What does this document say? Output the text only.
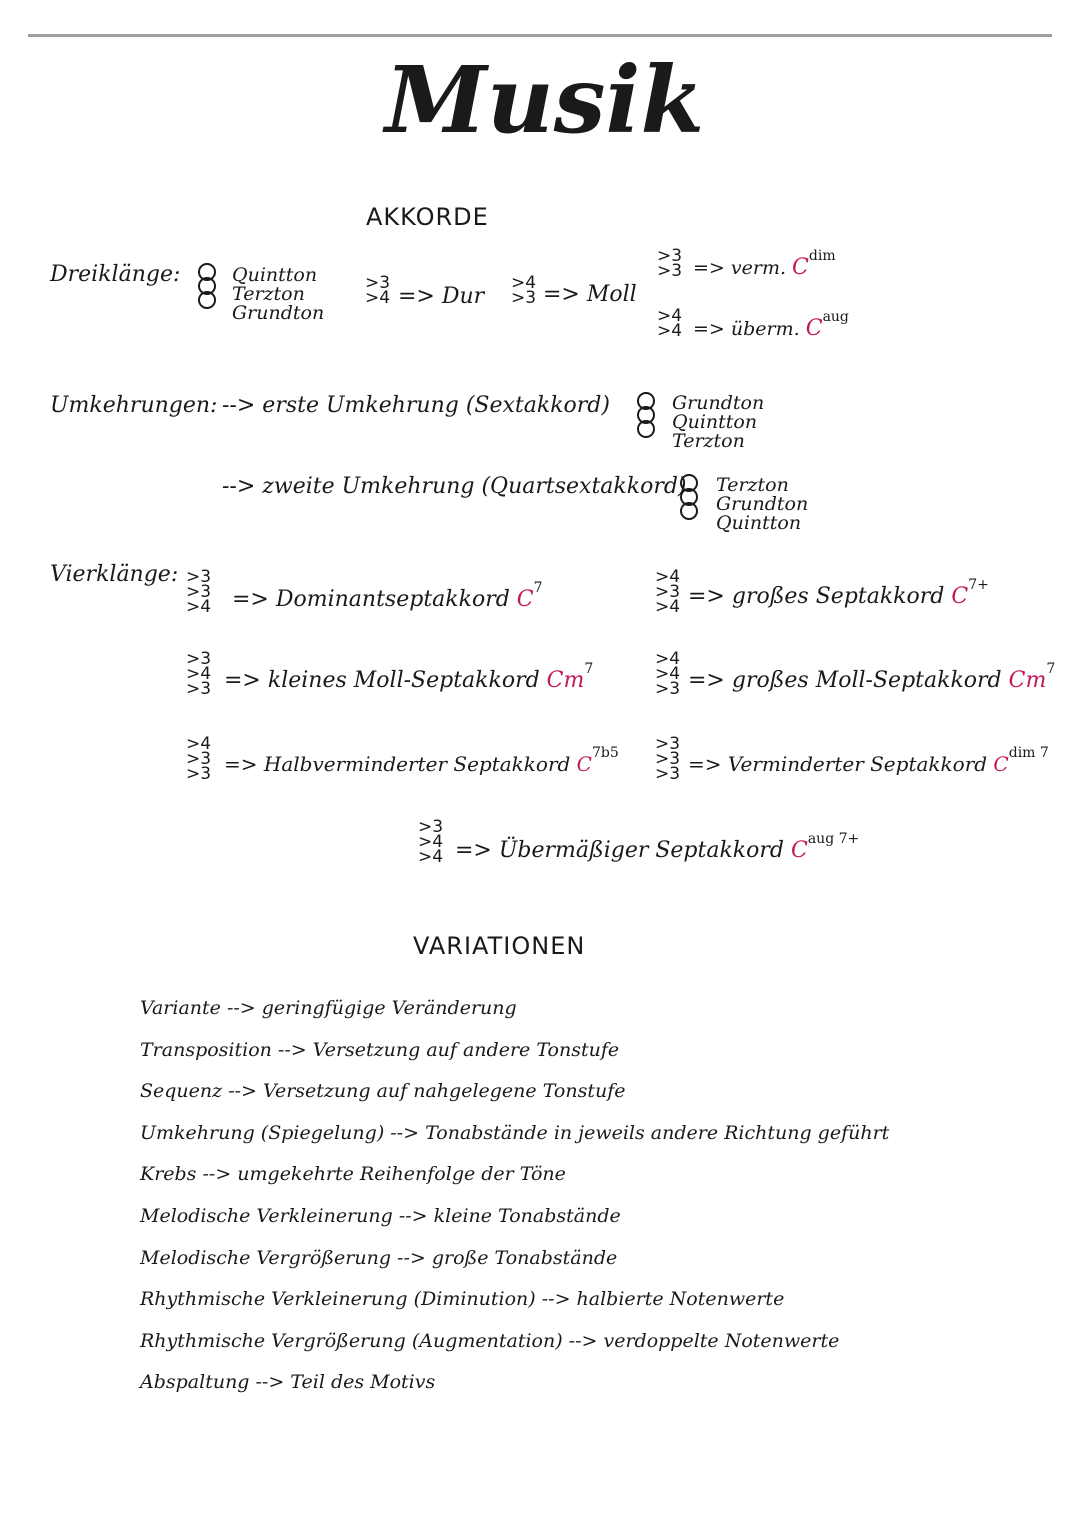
Musik
AKKORDE
Dreiklänge:	Quintton
Terzton
Grundton
>3
>4 => Dur
>4
>3 => Moll
>3
>3 => verm. $C^{dim}$
>4
>4 => überm. $C^{aug}$
Umkehrungen: --> erste Umkehrung (Sextakkord)	Grundton
Quintton
Terzton
--> zweite Umkehrung (Quartsextakkord) Terzton
Grundton
Quintton
Vierklänge: >3
>3
>4 => Dominantseptakkord $C^7$
>4
>3
>4 => großes Septakkord $C^{7+}$
>3
>4
>3 => kleines Moll-Septakkord $Cm^7$	>4
>4
>3 => großes Moll-Septakkord $Cm^7$
>4
>3
>3 => Halbverminderter Septakkord $C^{7b5} >3$
>3
>3 => Verminderter Septakkord $C^{dim 7}$
>3
>4
>4 => Übermäßiger Septakkord $C^{aug 7+}$
VARIATIONEN
Variante --> geringfügige Veränderung
Transposition --> Versetzung auf andere Tonstufe
Sequenz --> Versetzung auf nahgelegene Tonstufe
Umkehrung (Spiegelung) --> Tonabstände in jeweils andere Richtung geführt
Krebs --> umgekehrte Reihenfolge der Töne
Melodische Verkleinerung --> kleine Tonabstände
Melodische Vergrößerung --> große Tonabstände
Rhythmische Verkleinerung (Diminution) --> halbierte Notenwerte
Rhythmische Vergrößerung (Augmentation) --> verdoppelte Notenwerte
Abspaltung --> Teil des Motivs
